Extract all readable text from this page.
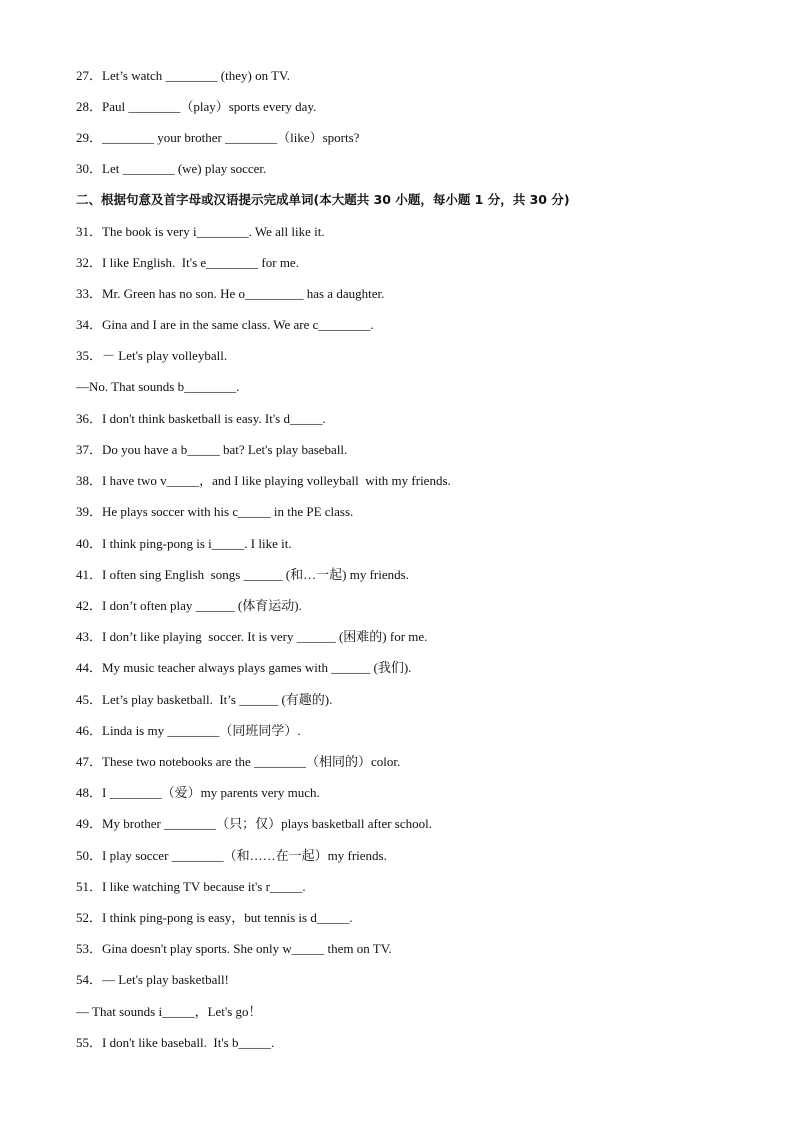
27．Let’s watch ________ (they) on TV.
28．Paul ________（play）sports every day.
29．________ your brother ________（like）sports?
30．Let ________ (we) play soccer.
二、根据句意及首字母或汉语提示完成单词(本大题共 30 小题，每小题 1 分，共 30 分)
31．The book is very i________. We all like it.
32．I like English.  It's e________ for me.
33．Mr. Green has no son. He o_________ has a daughter.
34．Gina and I are in the same class. We are c________.
35．－ Let's play volleyball.
—No. That sounds b________.
36．I don't think basketball is easy. It's d_____.
37．Do you have a b_____ bat? Let's play baseball.
38．I have two v_____，and I like playing volleyball  with my friends.
39．He plays soccer with his c_____ in the PE class.
40．I think ping-pong is i_____. I like it.
41．I often sing English  songs ______ (和…一起) my friends.
42．I don’t often play ______ (体育运动).
43．I don’t like playing  soccer. It is very ______ (困难的) for me.
44．My music teacher always plays games with ______ (我们).
45．Let’s play basketball.  It’s ______ (有趣的).
46．Linda is my ________（同班同学）.
47．These two notebooks are the ________（相同的）color.
48．I ________（爱）my parents very much.
49．My brother ________（只；仅）plays basketball after school.
50．I play soccer ________（和……在一起）my friends.
51．I like watching TV because it's r_____.
52．I think ping-pong is easy，but tennis is d_____.
53．Gina doesn't play sports. She only w_____ them on TV.
54．— Let's play basketball!
— That sounds i_____，Let's go！
55．I don't like baseball.  It's b_____.
